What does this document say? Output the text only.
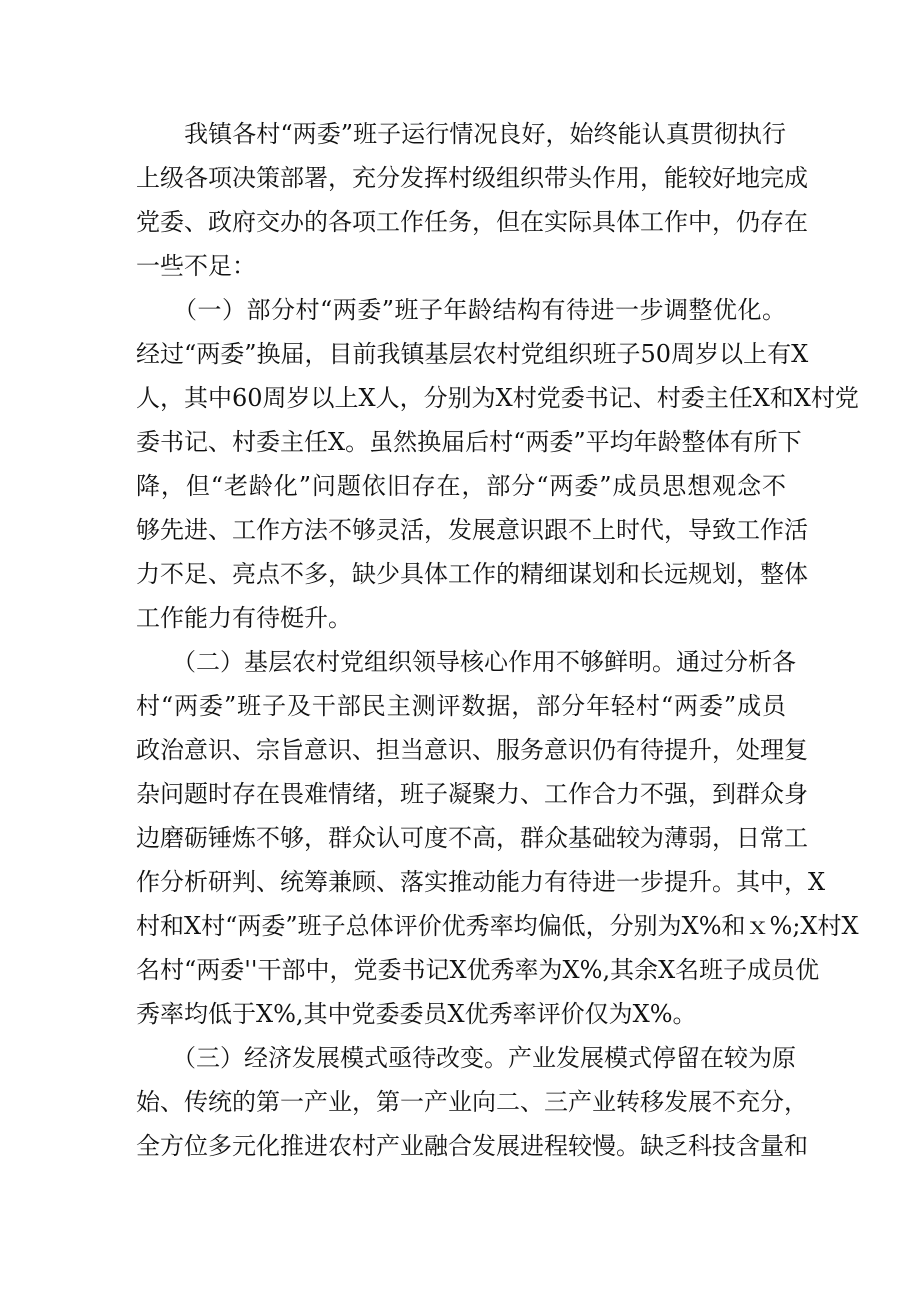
　　我镇各村“两委”班子运行情况良好，始终能认真贯彻执行
上级各项决策部署，充分发挥村级组织带头作用，能较好地完成
党委、政府交办的各项工作任务，但在实际具体工作中，仍存在
一些不足：
　　（一）部分村“两委”班子年龄结构有待进一步调整优化。
经过“两委”换届，目前我镇基层农村党组织班子50周岁以上有X
人，其中60周岁以上X人，分别为X村党委书记、村委主任X和X村党
委书记、村委主任X。虽然换届后村“两委”平均年龄整体有所下
降，但“老龄化”问题依旧存在，部分“两委”成员思想观念不
够先进、工作方法不够灵活，发展意识跟不上时代，导致工作活
力不足、亮点不多，缺少具体工作的精细谋划和长远规划，整体
工作能力有待梃升。
　　（二）基层农村党组织领导核心作用不够鲜明。通过分析各
村“两委”班子及干部民主测评数据，部分年轻村“两委”成员
政治意识、宗旨意识、担当意识、服务意识仍有待提升，处理复
杂问题时存在畏难情绪，班子凝聚力、工作合力不强，到群众身
边磨砺锤炼不够，群众认可度不高，群众基础较为薄弱，日常工
作分析研判、统筹兼顾、落实推动能力有待进一步提升。其中，X
村和X村“两委”班子总体评价优秀率均偏低，分别为X%和ｘ%;X村X
名村“两委''干部中，党委书记X优秀率为X%,其余X名班子成员优
秀率均低于X%,其中党委委员X优秀率评价仅为X%。
　　（三）经济发展模式亟待改变。产业发展模式停留在较为原
始、传统的第一产业，第一产业向二、三产业转移发展不充分，
全方位多元化推进农村产业融合发展进程较慢。缺乏科技含量和
